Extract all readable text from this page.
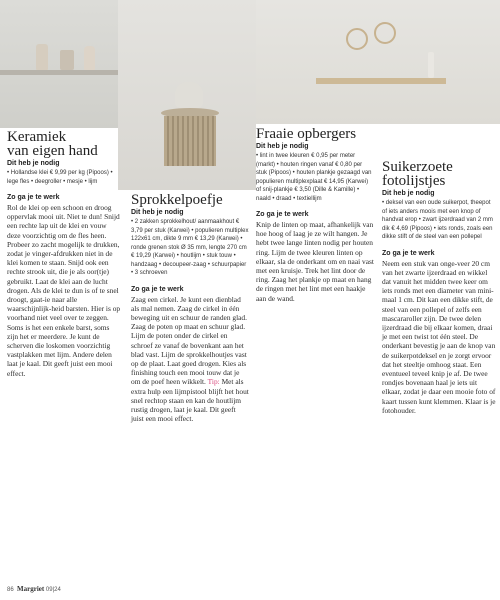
Keramiek
van eigen hand
Dit heb je nodig

• Hollandse klei € 9,99 per kg (Pipoos) • lege fles • deegroller • mesje • lijm

Zo ga je te werk

Rol de klei op een schoon en droog oppervlak mooi uit. Niet te dun! Snijd een rechte lap uit de klei en vouw deze voorzichtig om de fles heen. Probeer zo zacht mogelijk te drukken, zodat je vinger-afdrukken niet in de klei komen te staan. Snijd ook een rechte strook uit, die je als oor(tje) gebruikt. Laat de klei aan de lucht drogen. Als de klei te dun is of te snel droogt, gaat-ie naar alle waarschijnlijk-heid barsten. Hier is op voorhand niet veel over te zeggen. Soms is het een enkele barst, soms zijn het er meerdere. Je kunt de scherven die loskomen voorzichtig vastplakken met lijm. Andere delen laat je kaal. Dit geeft juist een mooi effect.

Sprokkelpoefje
Dit heb je nodig

• 2 zakken sprokkelhout/ aanmaakhout € 3,79 per stuk (Karwei) • populieren multiplex 122x61 cm, dikte 9 mm € 13,29 (Karwei) • ronde grenen stok Ø 35 mm, lengte 270 cm € 19,29 (Karwei) • houtlijm • stuk touw • handzaag • decoupeer-zaag • schuurpapier • 3 schroeven

Zo ga je te werk

Zaag een cirkel. Je kunt een dienblad als mal nemen. Zaag de cirkel in één beweging uit en schuur de randen glad. Zaag de poten op maat en schuur glad. Lijm de poten onder de cirkel en schroef ze vanaf de bovenkant aan het blad vast. Lijm de sprokkelhoutjes vast op de plaat. Laat goed drogen. Kies als finishing touch een mooi touw dat je om de poef heen wikkelt. Tip: Met als extra hulp een lijmpistool blijft het hout snel rechtop staan en kan de houtlijm rustig drogen, laat je kaal. Dit geeft juist een mooi effect.

Fraaie opbergers
Dit heb je nodig

• lint in twee kleuren € 0,95 per meter (markt) • houten ringen vanaf € 0,80 per stuk (Pipoos) • houten plankje gezaagd van populieren multiplexplaat € 14,95 (Karwei) of snij-plankje € 3,50 (Dille & Kamille) • naald • draad • textiellijm

Zo ga je te werk

Knip de linten op maat, afhankelijk van hoe hoog of laag je ze wilt hangen. Je hebt twee lange linten nodig per houten ring. Lijm de twee kleuren linten op elkaar, sla de onderkant om en naai vast met een kruisje. Trek het lint door de ring. Zaag het plankje op maat en hang de ringen met het lint met een haakje aan de wand.

Suikerzoete
fotolijstjes
Dit heb je nodig

• deksel van een oude suikerpot, theepot of iets anders moois met een knop of handvat erop • zwart ijzerdraad van 2 mm dik € 4,69 (Pipoos) • iets ronds, zoals een dikke stift of de steel van een pollepel

Zo ga je te werk

Neem een stuk van onge-veer 20 cm van het zwarte ijzerdraad en wikkel dat vanuit het midden twee keer om iets ronds met een diameter van mini-maal 1 cm. Dit kan een dikke stift, de steel van een pollepel of zelfs een mascararoller zijn. De twee delen ijzerdraad die bij elkaar komen, draai je met een twist tot één steel. De onderkant bevestig je aan de knop van de suikerpotdeksel en je zorgt ervoor dat het steeltje omhoog staat. Een eventueel teveel knip je af. De twee rondjes bovenaan haal je iets uit elkaar, zodat je daar een mooie foto of kaart tussen kunt klemmen. Klaar is je fotohouder.

86 Margriet 09|24
